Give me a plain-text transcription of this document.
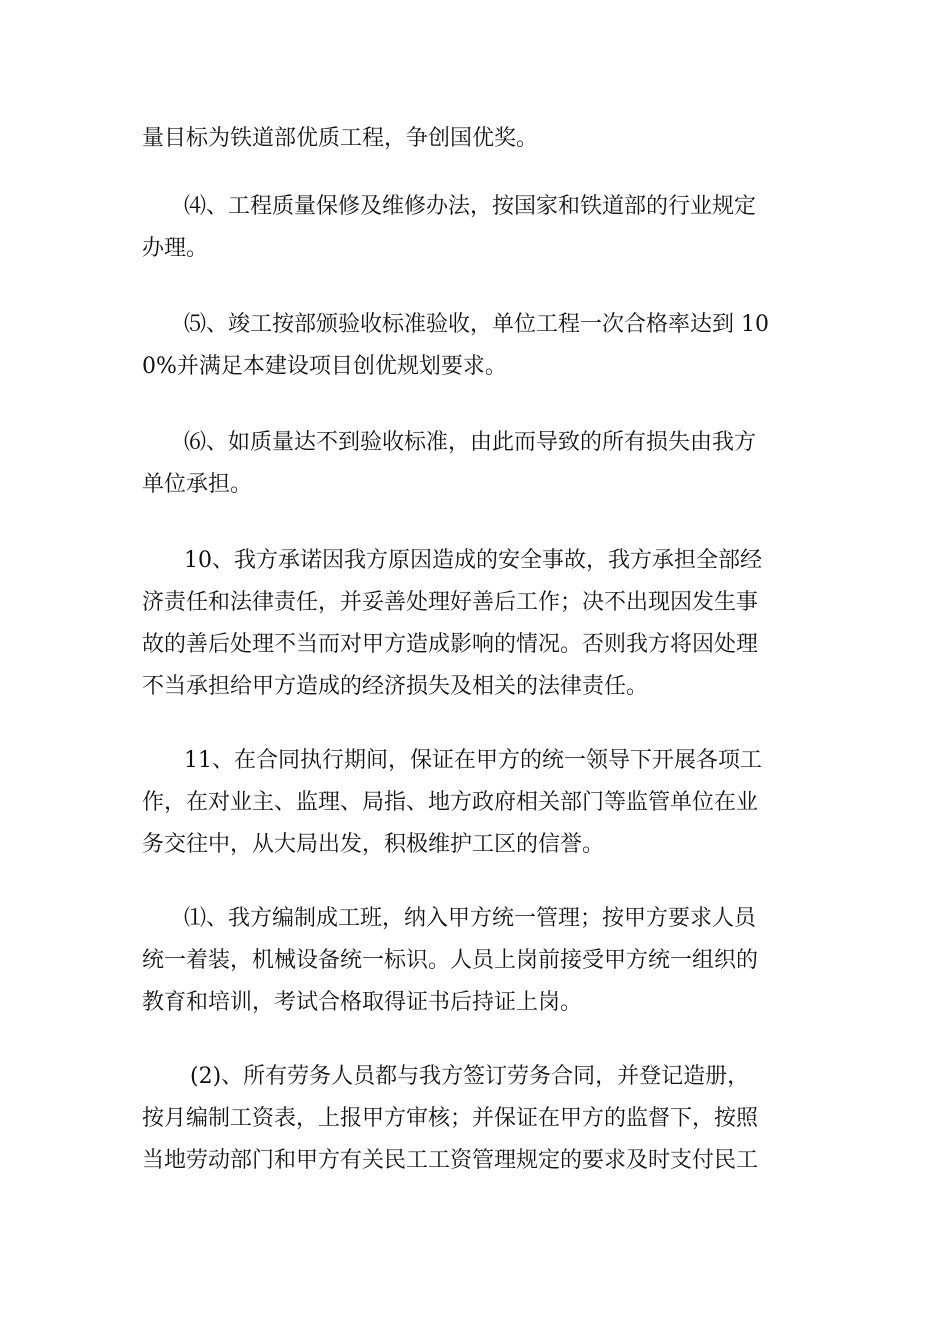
量目标为铁道部优质工程，争创国优奖。
⑷、工程质量保修及维修办法，按国家和铁道部的行业规定
办理。
⑸、竣工按部颁验收标准验收，单位工程一次合格率达到 10
0%并满足本建设项目创优规划要求。
⑹、如质量达不到验收标准，由此而导致的所有损失由我方
单位承担。
10、我方承诺因我方原因造成的安全事故，我方承担全部经
济责任和法律责任，并妥善处理好善后工作；决不出现因发生事
故的善后处理不当而对甲方造成影响的情况。否则我方将因处理
不当承担给甲方造成的经济损失及相关的法律责任。
11、在合同执行期间，保证在甲方的统一领导下开展各项工
作，在对业主、监理、局指、地方政府相关部门等监管单位在业
务交往中，从大局出发，积极维护工区的信誉。
⑴、我方编制成工班，纳入甲方统一管理；按甲方要求人员
统一着装，机械设备统一标识。人员上岗前接受甲方统一组织的
教育和培训，考试合格取得证书后持证上岗。
(2)、所有劳务人员都与我方签订劳务合同，并登记造册，
按月编制工资表，上报甲方审核；并保证在甲方的监督下，按照
当地劳动部门和甲方有关民工工资管理规定的要求及时支付民工
